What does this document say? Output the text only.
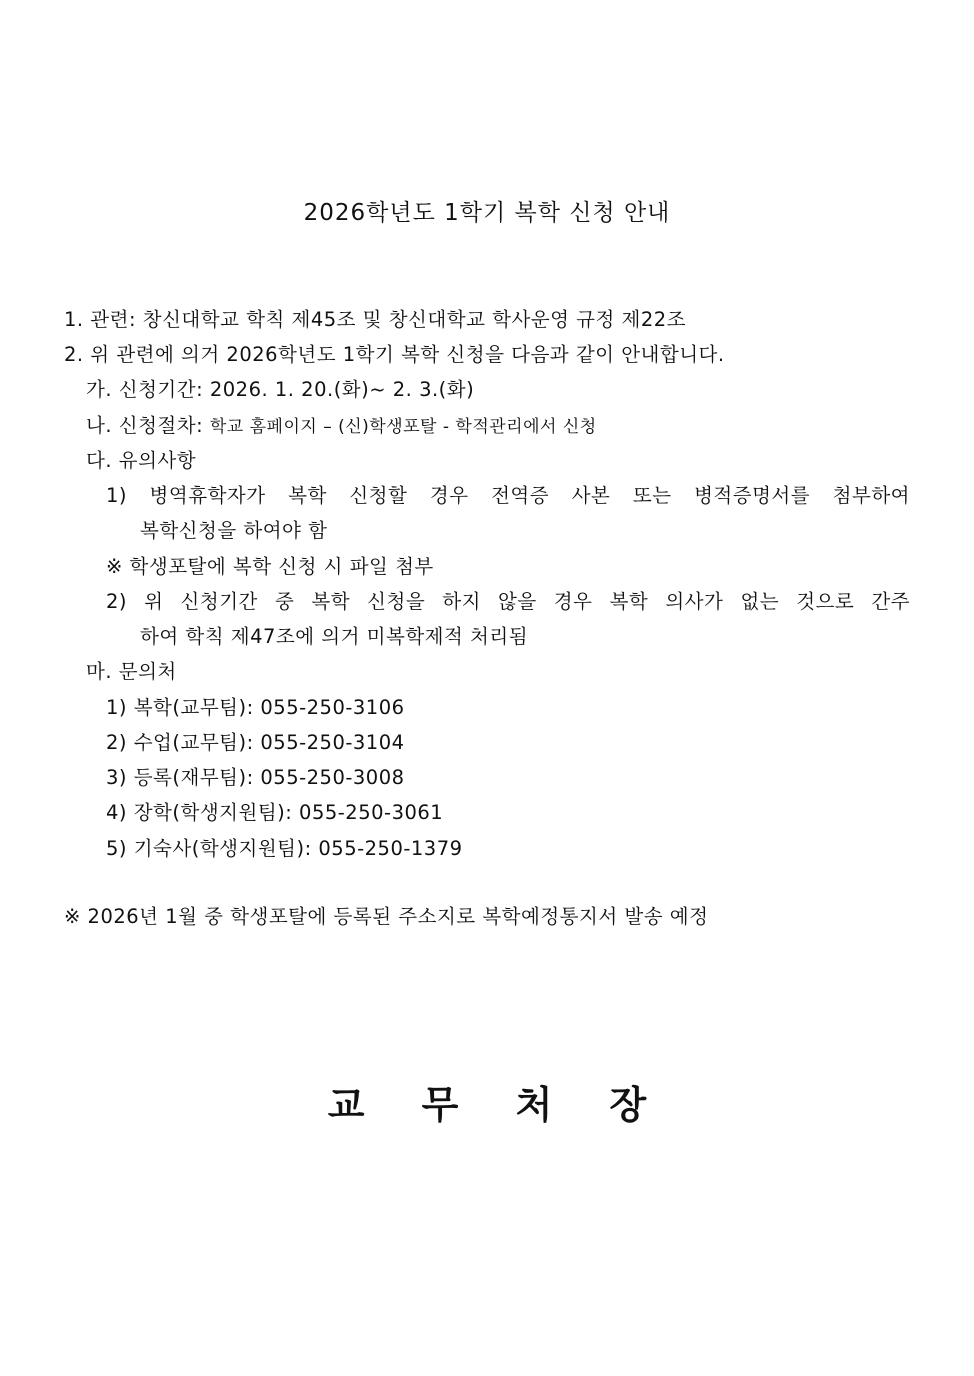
2026학년도 1학기 복학 신청 안내
1. 관련: 창신대학교 학칙 제45조 및 창신대학교 학사운영 규정 제22조
2. 위 관련에 의거 2026학년도 1학기 복학 신청을 다음과 같이 안내합니다.
가. 신청기간: 2026. 1. 20.(화)~ 2. 3.(화)
나. 신청절차: 학교 홈페이지 – (신)학생포탈 - 학적관리에서 신청
다. 유의사항
1) 병역휴학자가 복학 신청할 경우 전역증 사본 또는 병적증명서를 첨부하여
복학신청을 하여야 함
※ 학생포탈에 복학 신청 시 파일 첨부
2) 위 신청기간 중 복학 신청을 하지 않을 경우 복학 의사가 없는 것으로 간주
하여 학칙 제47조에 의거 미복학제적 처리됨
마. 문의처
1) 복학(교무팀): 055-250-3106
2) 수업(교무팀): 055-250-3104
3) 등록(재무팀): 055-250-3008
4) 장학(학생지원팀): 055-250-3061
5) 기숙사(학생지원팀): 055-250-1379
※ 2026년 1월 중 학생포탈에 등록된 주소지로 복학예정통지서 발송 예정
교 무 처 장
